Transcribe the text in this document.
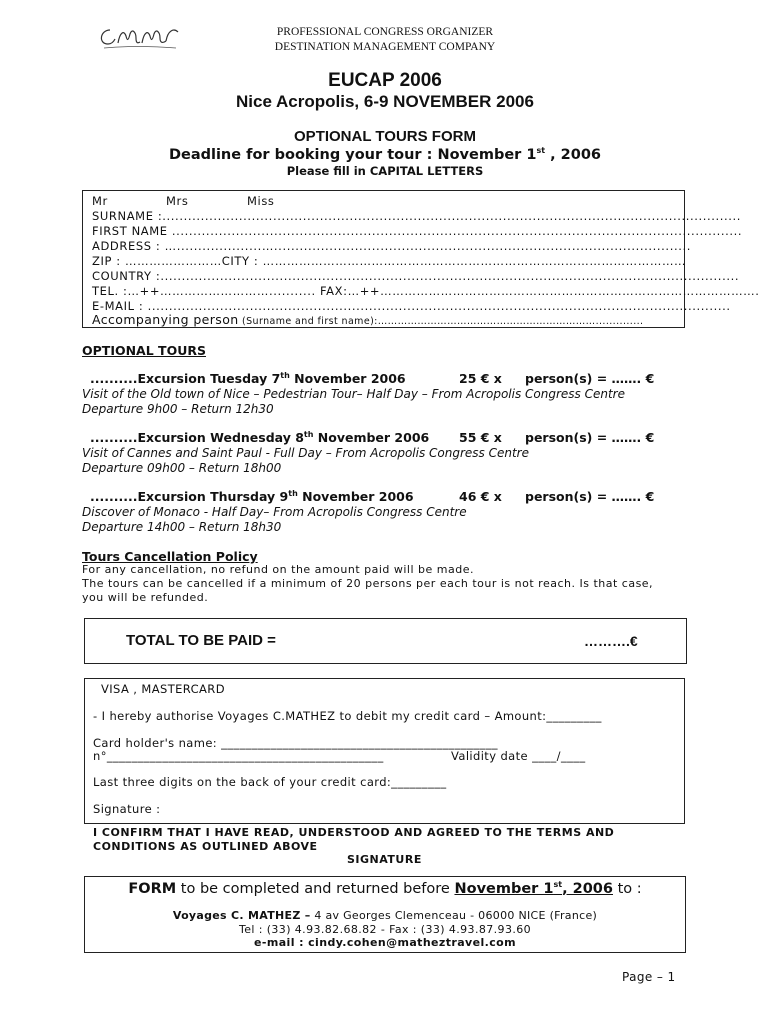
PROFESSIONAL CONGRESS ORGANIZER
DESTINATION MANAGEMENT COMPANY
EUCAP 2006
Nice Acropolis, 6-9 NOVEMBER 2006
OPTIONAL TOURS FORM
Deadline for booking your tour : November 1st , 2006
Please fill in CAPITAL LETTERS
Mr	Mrs	Miss
SURNAME :........................................................................................................................................
FIRST NAME ......................................................................................................................................
ADDRESS : …....................…..................................................................................................
ZIP : ……………………CITY : ……………………………………………………………………………………………
COUNTRY :........................................................................................................................................
TEL. :…++………………………........... FAX:…++………………………………………………………………………………….
E-MAIL : .........................................................................................................................................
Accompanying person (Surname and first name):…………………………………………………………..............
OPTIONAL TOURS
..........Excursion Tuesday 7th November 2006	25 € x person(s) = ……. €
Visit of the Old town of Nice – Pedestrian Tour– Half Day – From Acropolis Congress Centre
Departure 9h00 – Return 12h30
..........Excursion Wednesday 8th November 2006 55 € x person(s) = ……. €
Visit of Cannes and Saint Paul - Full Day – From Acropolis Congress Centre
Departure 09h00 – Return 18h00
..........Excursion Thursday 9th November 2006	46 € x person(s) = ……. €
Discover of Monaco - Half Day– From Acropolis Congress Centre
Departure 14h00 – Return 18h30
Tours Cancellation Policy
For any cancellation, no refund on the amount paid will be made.
The tours can be cancelled if a minimum of 20 persons per each tour is not reach. Is that case,
you will be refunded.
TOTAL TO BE PAID =	……….€
VISA , MASTERCARD
- I hereby authorise Voyages C.MATHEZ to debit my credit card – Amount:_________
Card holder's name: _____________________________________________
n°_____________________________________________	Validity date ____/____
Last three digits on the back of your credit card:_________
Signature :
I CONFIRM THAT I HAVE READ, UNDERSTOOD AND AGREED TO THE TERMS AND
CONDITIONS AS OUTLINED ABOVE
SIGNATURE
FORM to be completed and returned before November 1st, 2006 to :
Voyages C. MATHEZ – 4 av Georges Clemenceau - 06000 NICE (France)
Tel : (33) 4.93.82.68.82 - Fax : (33) 4.93.87.93.60
e-mail : cindy.cohen@matheztravel.com
Page – 1
